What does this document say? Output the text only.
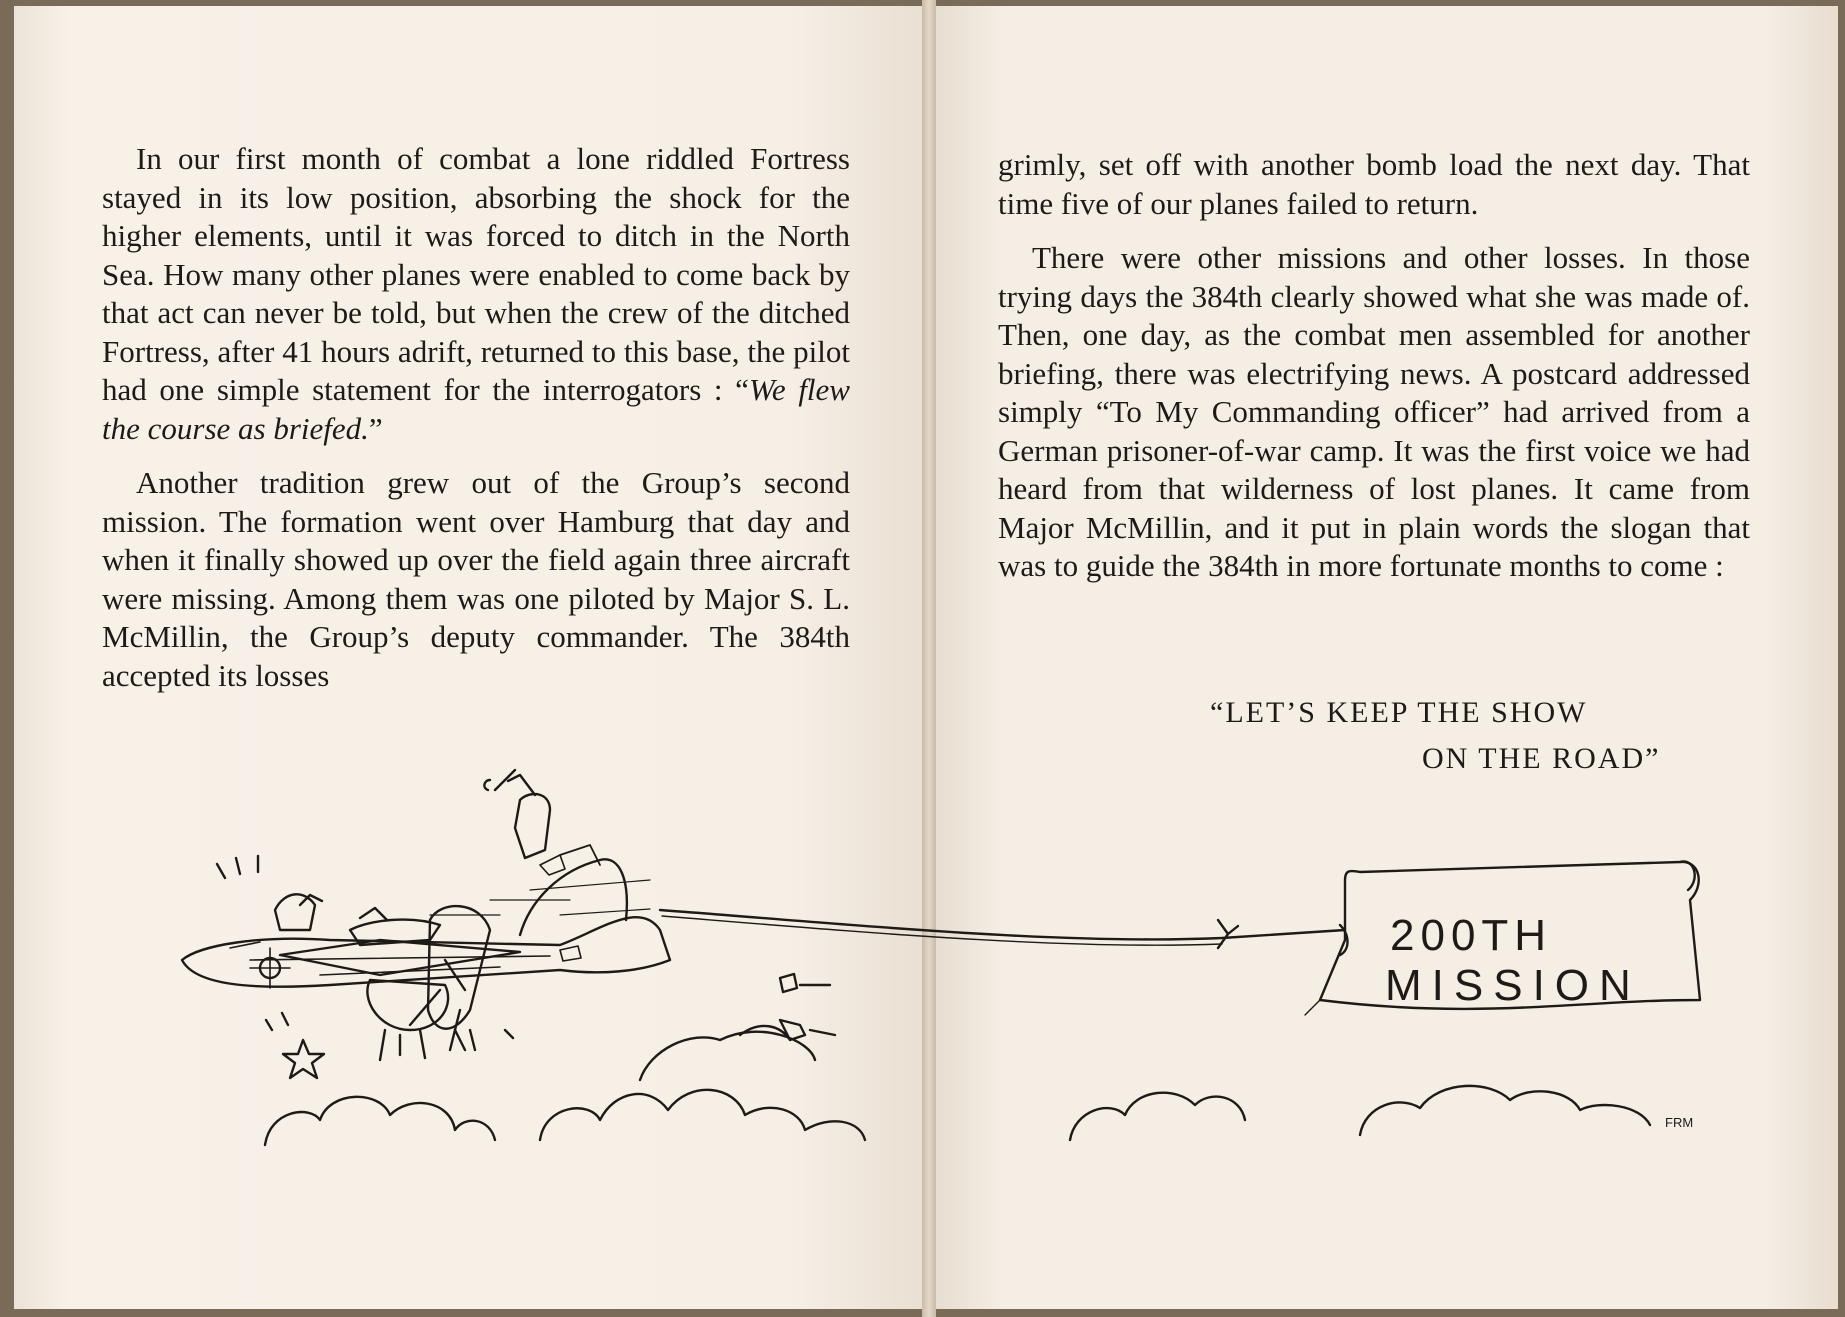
In our first month of combat a lone riddled Fortress stayed in its low position, absorbing the shock for the higher elements, until it was forced to ditch in the North Sea. How many other planes were enabled to come back by that act can never be told, but when the crew of the ditched Fortress, after 41 hours adrift, returned to this base, the pilot had one simple statement for the interrogators : “We flew the course as briefed.”

Another tradition grew out of the Group’s second mission. The formation went over Hamburg that day and when it finally showed up over the field again three aircraft were missing. Among them was one piloted by Major S. L. McMillin, the Group’s deputy commander. The 384th accepted its losses

grimly, set off with another bomb load the next day. That time five of our planes failed to return.

There were other missions and other losses. In those trying days the 384th clearly showed what she was made of. Then, one day, as the combat men assembled for another briefing, there was electrifying news. A postcard addressed simply “To My Commanding officer” had arrived from a German prisoner-of-war camp. It was the first voice we had heard from that wilderness of lost planes. It came from Major McMillin, and it put in plain words the slogan that was to guide the 384th in more fortunate months to come :

“LET’S KEEP THE SHOW
ON THE ROAD”
200TH
MISSION
FRM
